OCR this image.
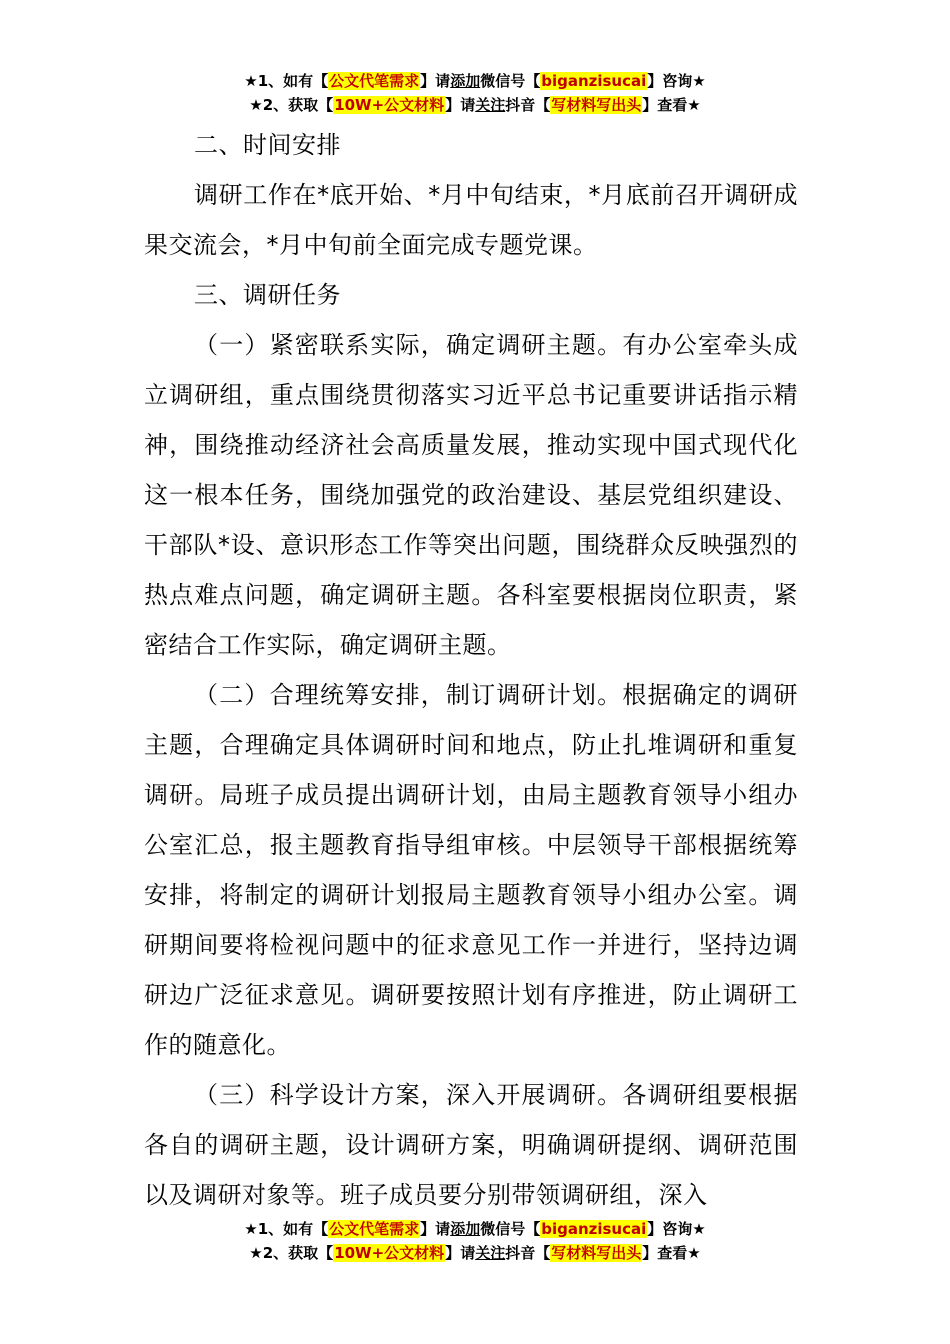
★1、如有【公文代笔需求】请添加微信号【biganzisucai】咨询★
★2、获取【10W+公文材料】请关注抖音【写材料写出头】查看★

二、时间安排

调研工作在*底开始、*月中旬结束，*月底前召开调研成果交流会，*月中旬前全面完成专题党课。

三、调研任务

（一）紧密联系实际，确定调研主题。有办公室牵头成立调研组，重点围绕贯彻落实习近平总书记重要讲话指示精神，围绕推动经济社会高质量发展，推动实现中国式现代化这一根本任务，围绕加强党的政治建设、基层党组织建设、干部队*设、意识形态工作等突出问题，围绕群众反映强烈的热点难点问题，确定调研主题。各科室要根据岗位职责，紧密结合工作实际，确定调研主题。

（二）合理统筹安排，制订调研计划。根据确定的调研主题，合理确定具体调研时间和地点，防止扎堆调研和重复调研。局班子成员提出调研计划，由局主题教育领导小组办公室汇总，报主题教育指导组审核。中层领导干部根据统筹安排，将制定的调研计划报局主题教育领导小组办公室。调研期间要将检视问题中的征求意见工作一并进行，坚持边调研边广泛征求意见。调研要按照计划有序推进，防止调研工作的随意化。

（三）科学设计方案，深入开展调研。各调研组要根据各自的调研主题，设计调研方案，明确调研提纲、调研范围以及调研对象等。班子成员要分别带领调研组，深入

★1、如有【公文代笔需求】请添加微信号【biganzisucai】咨询★
★2、获取【10W+公文材料】请关注抖音【写材料写出头】查看★
